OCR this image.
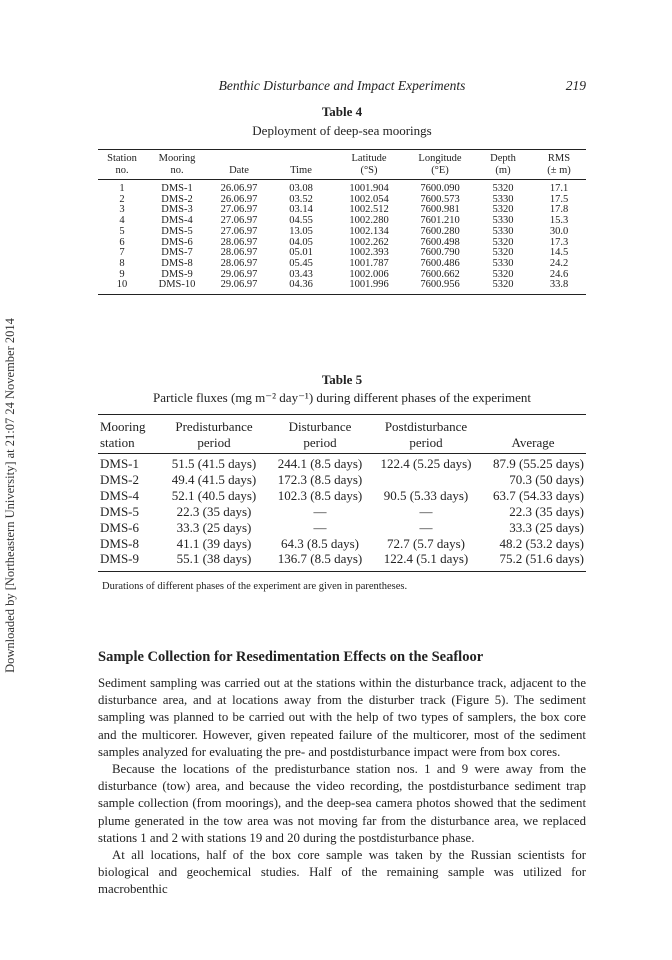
Downloaded by [Northeastern University] at 21:07 24 November 2014
Benthic Disturbance and Impact Experiments	219
Table 4
Deployment of deep-sea moorings
Station	Mooring			Latitude	Longitude	Depth	RMS
no.	no.	Date	Time	(°S)	(°E)	(m)	(± m)
1	DMS-1	26.06.97	03.08	1001.904	7600.090	5320	17.1
2	DMS-2	26.06.97	03.52	1002.054	7600.573	5330	17.5
3	DMS-3	27.06.97	03.14	1002.512	7600.981	5320	17.8
4	DMS-4	27.06.97	04.55	1002.280	7601.210	5330	15.3
5	DMS-5	27.06.97	13.05	1002.134	7600.280	5330	30.0
6	DMS-6	28.06.97	04.05	1002.262	7600.498	5320	17.3
7	DMS-7	28.06.97	05.01	1002.393	7600.790	5320	14.5
8	DMS-8	28.06.97	05.45	1001.787	7600.486	5330	24.2
9	DMS-9	29.06.97	03.43	1002.006	7600.662	5320	24.6
10	DMS-10	29.06.97	04.36	1001.996	7600.956	5320	33.8
Table 5
Particle fluxes (mg m⁻² day⁻¹) during different phases of the experiment
Mooring	Predisturbance	Disturbance	Postdisturbance	
station	period	period	period	Average
DMS-1	51.5 (41.5 days)	244.1 (8.5 days)	122.4 (5.25 days)	87.9 (55.25 days)
DMS-2	49.4 (41.5 days)	172.3 (8.5 days)		70.3 (50 days)
DMS-4	52.1 (40.5 days)	102.3 (8.5 days)	90.5 (5.33 days)	63.7 (54.33 days)
DMS-5	22.3 (35 days)	—	—	22.3 (35 days)
DMS-6	33.3 (25 days)	—	—	33.3 (25 days)
DMS-8	41.1 (39 days)	64.3 (8.5 days)	72.7 (5.7 days)	48.2 (53.2 days)
DMS-9	55.1 (38 days)	136.7 (8.5 days)	122.4 (5.1 days)	75.2 (51.6 days)
Durations of different phases of the experiment are given in parentheses.
Sample Collection for Resedimentation Effects on the Seafloor

Sediment sampling was carried out at the stations within the disturbance track, adjacent to the disturbance area, and at locations away from the disturber track (Figure 5). The sediment sampling was planned to be carried out with the help of two types of samplers, the box core and the multicorer. However, given repeated failure of the multicorer, most of the sediment samples analyzed for evaluating the pre- and postdisturbance impact were from box cores.

Because the locations of the predisturbance station nos. 1 and 9 were away from the disturbance (tow) area, and because the video recording, the postdisturbance sediment trap sample collection (from moorings), and the deep-sea camera photos showed that the sediment plume generated in the tow area was not moving far from the disturbance area, we replaced stations 1 and 2 with stations 19 and 20 during the postdisturbance phase.

At all locations, half of the box core sample was taken by the Russian scientists for biological and geochemical studies. Half of the remaining sample was utilized for macrobenthic
